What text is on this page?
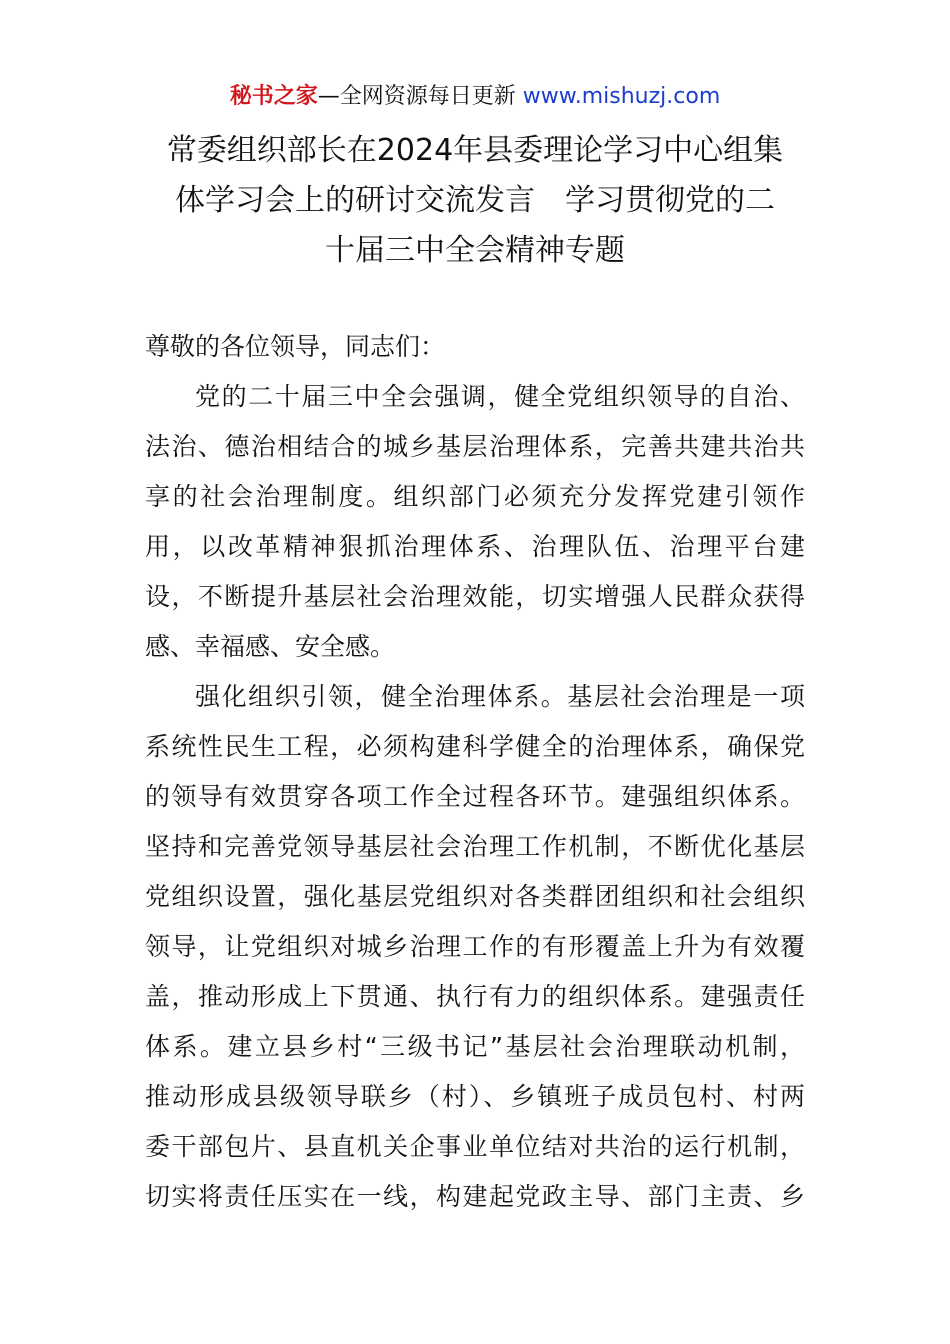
秘书之家—全网资源每日更新 www.mishuzj.com
常委组织部长在2024年县委理论学习中心组集
体学习会上的研讨交流发言　学习贯彻党的二
十届三中全会精神专题
尊敬的各位领导，同志们：
党的二十届三中全会强调，健全党组织领导的自治、
法治、德治相结合的城乡基层治理体系，完善共建共治共
享的社会治理制度。组织部门必须充分发挥党建引领作
用，以改革精神狠抓治理体系、治理队伍、治理平台建
设，不断提升基层社会治理效能，切实增强人民群众获得
感、幸福感、安全感。
强化组织引领，健全治理体系。基层社会治理是一项
系统性民生工程，必须构建科学健全的治理体系，确保党
的领导有效贯穿各项工作全过程各环节。建强组织体系。
坚持和完善党领导基层社会治理工作机制，不断优化基层
党组织设置，强化基层党组织对各类群团组织和社会组织
领导，让党组织对城乡治理工作的有形覆盖上升为有效覆
盖，推动形成上下贯通、执行有力的组织体系。建强责任
体系。建立县乡村“三级书记”基层社会治理联动机制，
推动形成县级领导联乡（村）、乡镇班子成员包村、村两
委干部包片、县直机关企事业单位结对共治的运行机制，
切实将责任压实在一线，构建起党政主导、部门主责、乡
